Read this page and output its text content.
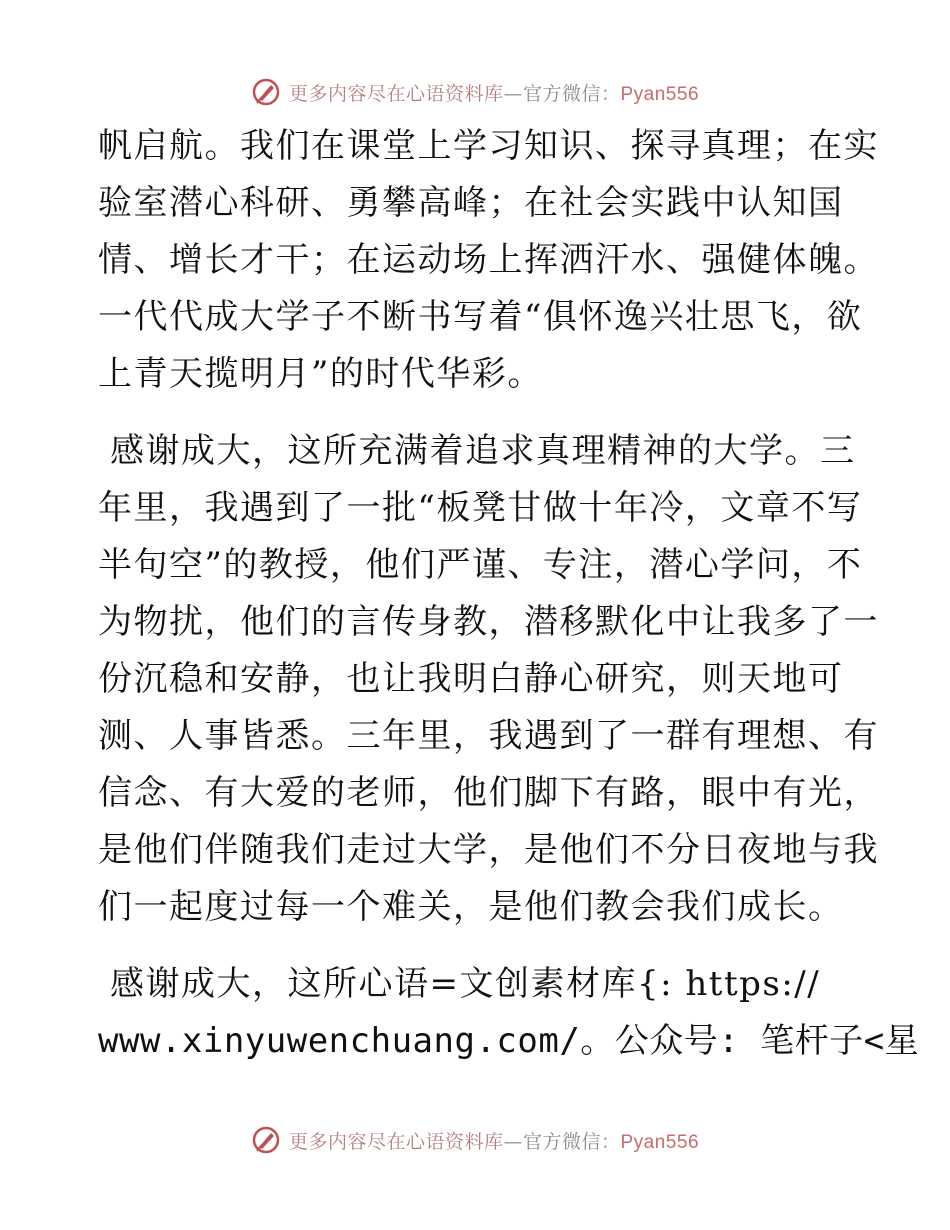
更多内容尽在心语资料库—官方微信：Pyan556

帆启航。我们在课堂上学习知识、探寻真理；在实
验室潜心科研、勇攀高峰；在社会实践中认知国
情、增长才干；在运动场上挥洒汗水、强健体魄。
一代代成大学子不断书写着“俱怀逸兴壮思飞，欲
上青天揽明月”的时代华彩。

感谢成大，这所充满着追求真理精神的大学。三
年里，我遇到了一批“板凳甘做十年冷，文章不写
半句空”的教授，他们严谨、专注，潜心学问，不
为物扰，他们的言传身教，潜移默化中让我多了一
份沉稳和安静，也让我明白静心研究，则天地可
测、人事皆悉。三年里，我遇到了一群有理想、有
信念、有大爱的老师，他们脚下有路，眼中有光，
是他们伴随我们走过大学，是他们不分日夜地与我
们一起度过每一个难关，是他们教会我们成长。

感谢成大，这所心语=文创素材库{: https://
www.xinyuwenchuang.com/。公众号: 笔杆子<星

更多内容尽在心语资料库—官方微信：Pyan556
